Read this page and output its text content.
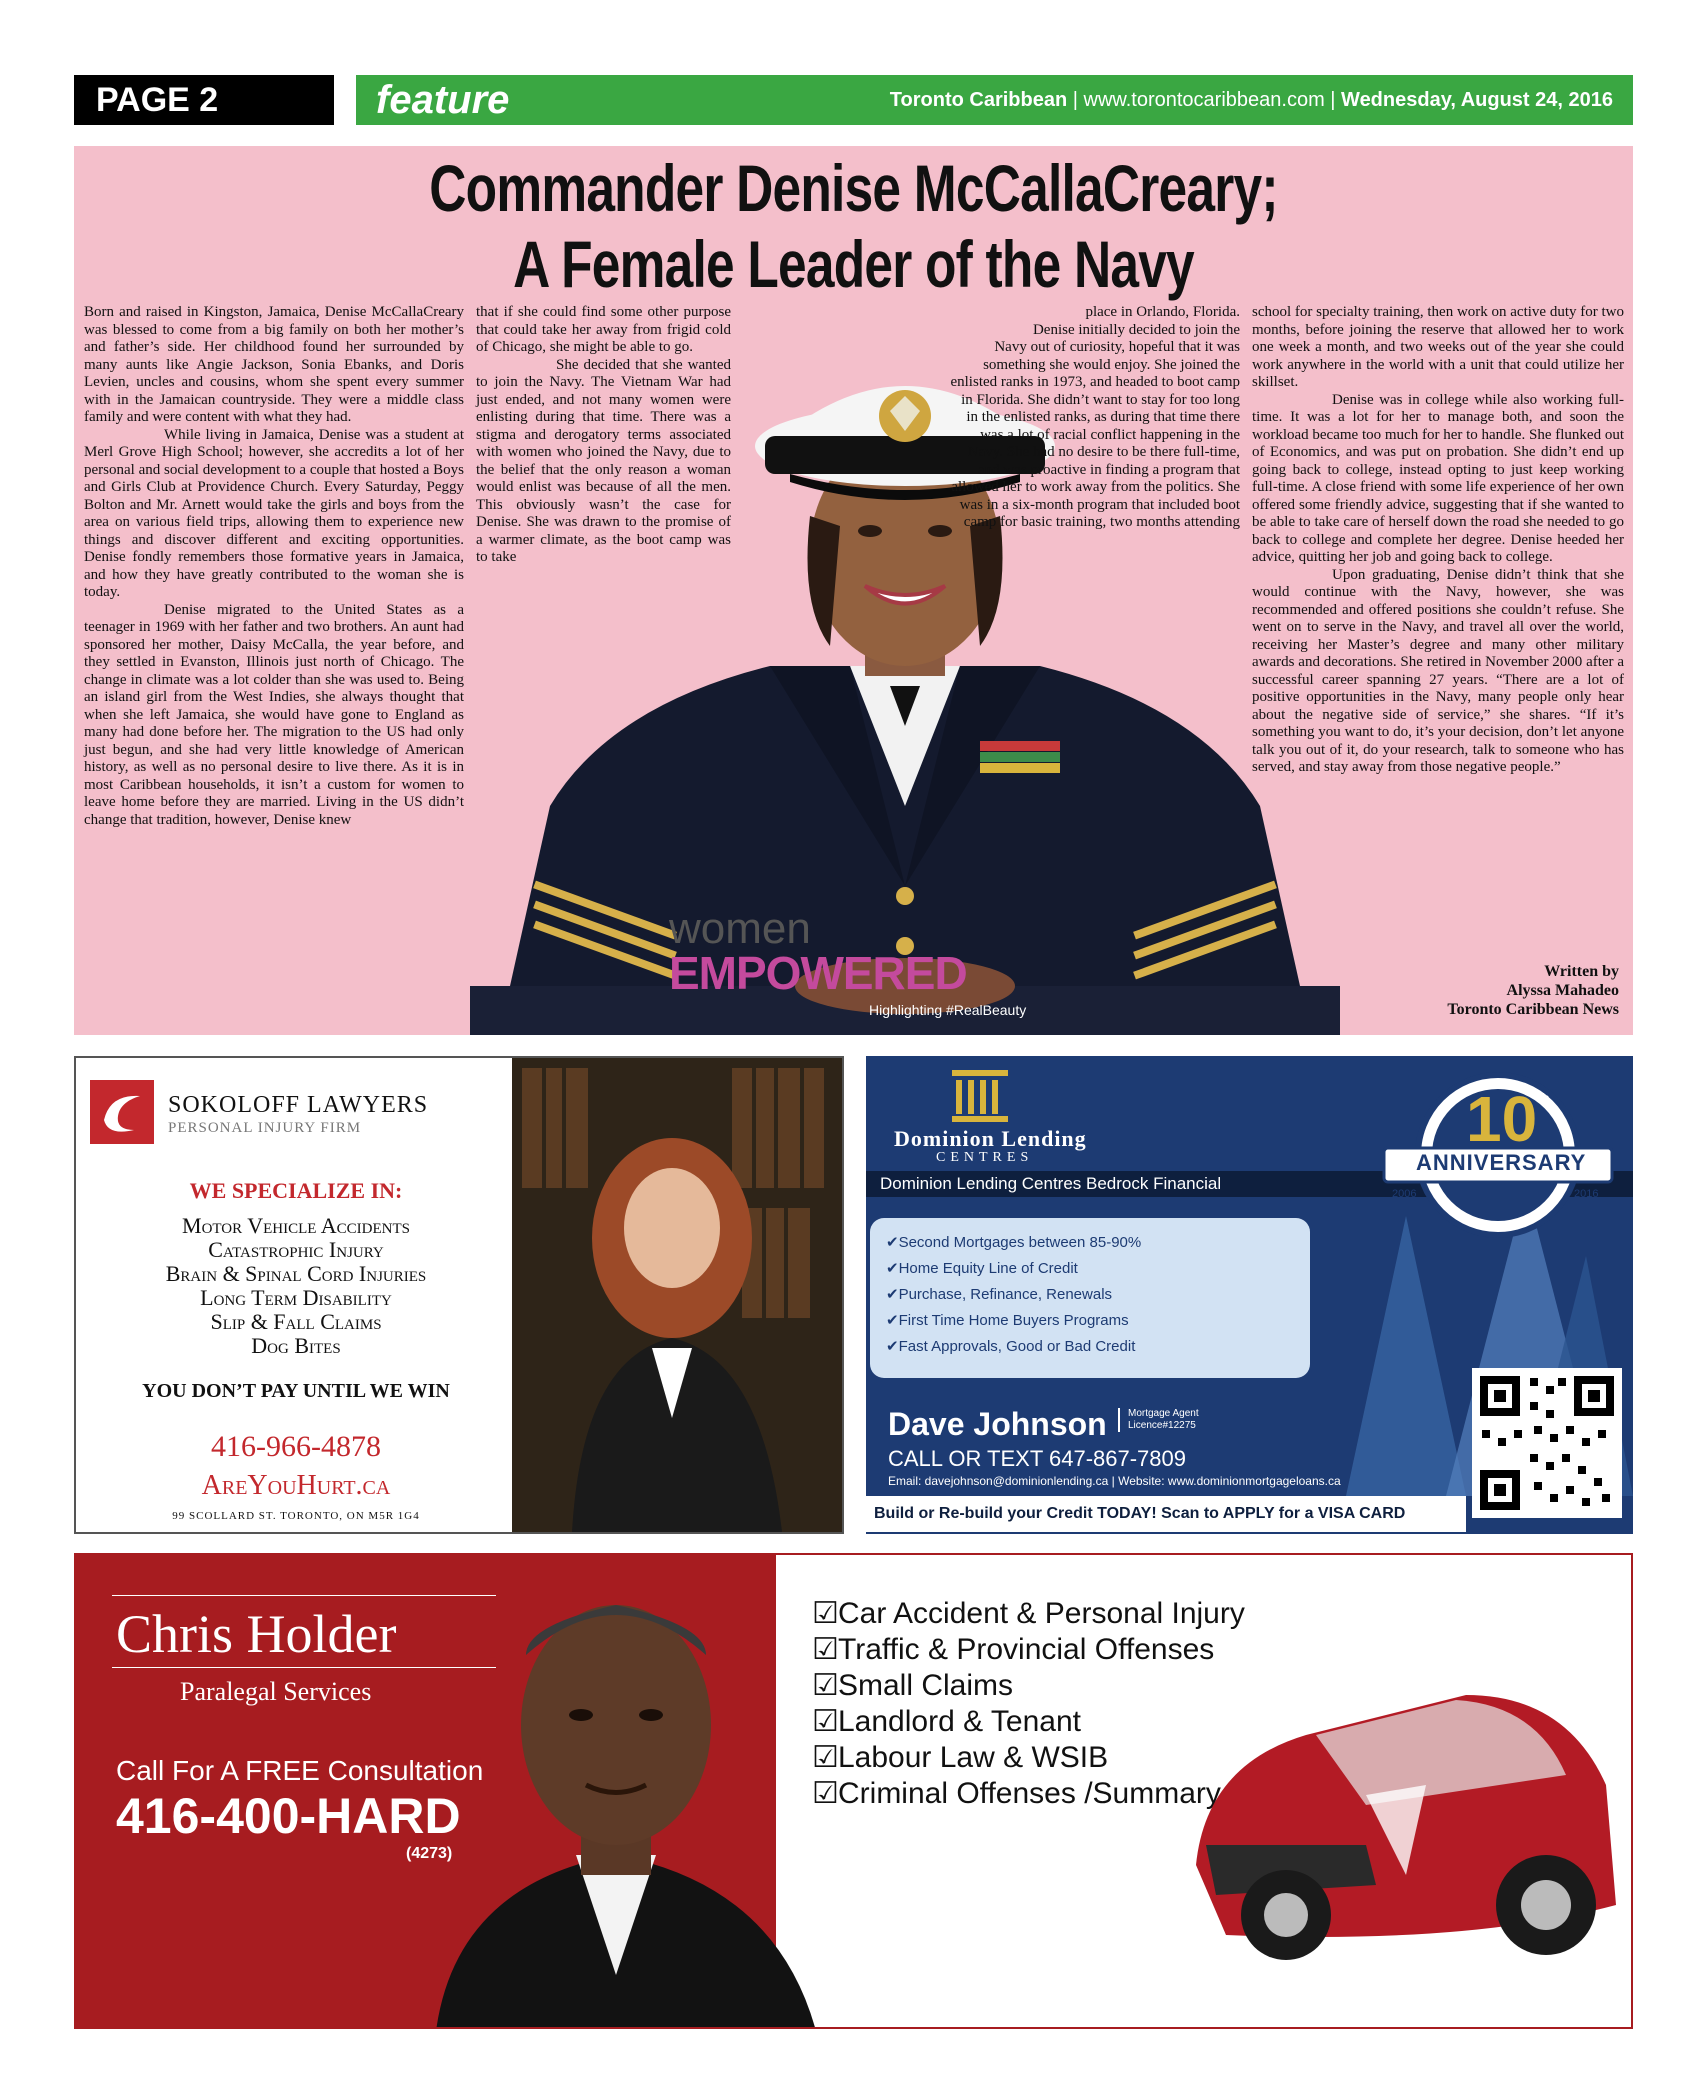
PAGE 2	feature	Toronto Caribbean | www.torontocaribbean.com | Wednesday, August 24, 2016
Commander Denise McCallaCreary;
A Female Leader of the Navy

Born and raised in Kingston, Jamaica, Denise McCallaCreary was blessed to come from a big family on both her mother’s and father’s side. Her childhood found her surrounded by many aunts like Angie Jackson, Sonia Ebanks, and Doris Levien, uncles and cousins, whom she spent every summer with in the Jamaican countryside. They were a middle class family and were content with what they had.

While living in Jamaica, Denise was a student at Merl Grove High School; however, she accredits a lot of her personal and social development to a couple that hosted a Boys and Girls Club at Providence Church. Every Saturday, Peggy Bolton and Mr. Arnett would take the girls and boys from the area on various field trips, allowing them to experience new things and discover different and exciting opportunities. Denise fondly remembers those formative years in Jamaica, and how they have greatly contributed to the woman she is today.

Denise migrated to the United States as a teenager in 1969 with her father and two brothers. An aunt had sponsored her mother, Daisy McCalla, the year before, and they settled in Evanston, Illinois just north of Chicago. The change in climate was a lot colder than she was used to. Being an island girl from the West Indies, she always thought that when she left Jamaica, she would have gone to England as many had done before her. The migration to the US had only just begun, and she had very little knowledge of American history, as well as no personal desire to live there. As it is in most Caribbean households, it isn’t a custom for women to leave home before they are married. Living in the US didn’t change that tradition, however, Denise knew

that if she could find some other purpose that could take her away from frigid cold of Chicago, she might be able to go.

She decided that she wanted to join the Navy. The Vietnam War had just ended, and not many women were enlisting during that time. There was a stigma and derogatory terms associated with women who joined the Navy, due to the belief that the only reason a woman would enlist was because of all the men. This obviously wasn’t the case for Denise. She was drawn to the promise of a warmer climate, as the boot camp was to take

place in Orlando, Florida.

Denise initially decided to join the Navy out of curiosity, hopeful that it was something she would enjoy. She joined the enlisted ranks in 1973, and headed to boot camp in Florida. She didn’t want to stay for too long in the enlisted ranks, as during that time there was a lot of racial conflict happening in the Navy. She had no desire to be there full-time, and was proactive in finding a program that allowed her to work away from the politics. She was in a six-month program that included boot camp for basic training, two months attending

school for specialty training, then work on active duty for two months, before joining the reserve that allowed her to work one week a month, and two weeks out of the year she could work anywhere in the world with a unit that could utilize her skillset.

Denise was in college while also working full-time. It was a lot for her to manage both, and soon the workload became too much for her to handle. She flunked out of Economics, and was put on probation. She didn’t end up going back to college, instead opting to just keep working full-time. A close friend with some life experience of her own offered some friendly advice, suggesting that if she wanted to be able to take care of herself down the road she needed to go back to college and complete her degree. Denise heeded her advice, quitting her job and going back to college.

Upon graduating, Denise didn’t think that she would continue with the Navy, however, she was recommended and offered positions she couldn’t refuse. She went on to serve in the Navy, and travel all over the world, receiving her Master’s degree and many other military awards and decorations. She retired in November 2000 after a successful career spanning 27 years. “There are a lot of positive opportunities in the Navy, many people only hear about the negative side of service,” she shares. “If it’s something you want to do, it’s your decision, don’t let anyone talk you out of it, do your research, talk to someone who has served, and stay away from those negative people.”

women
EMPOWERED
Highlighting #RealBeauty
Written by
Alyssa Mahadeo
Toronto Caribbean News
SOKOLOFF LAWYERS
PERSONAL INJURY FIRM
WE SPECIALIZE IN:
Motor Vehicle Accidents
Catastrophic Injury
Brain & Spinal Cord Injuries
Long Term Disability
Slip & Fall Claims
Dog Bites
YOU DON’T PAY UNTIL WE WIN
416-966-4878
AreYouHurt.ca
99 SCOLLARD ST. TORONTO, ON M5R 1G4
Dominion Lending
CENTRES
Dominion Lending Centres Bedrock Financial
10 th
ANNIVERSARY
2006	2016
✔Second Mortgages between 85-90%
✔Home Equity Line of Credit
✔Purchase, Refinance, Renewals
✔First Time Home Buyers Programs
✔Fast Approvals, Good or Bad Credit
Dave Johnson Mortgage Agent
Licence#12275
CALL OR TEXT 647-867-7809
Email: davejohnson@dominionlending.ca | Website: www.dominionmortgageloans.ca
Build or Re-build your Credit TODAY! Scan to APPLY for a VISA CARD
Chris Holder
Paralegal Services
Call For A FREE Consultation
416-400-HARD
(4273)
☑ Car Accident & Personal Injury
☑ Traffic & Provincial Offenses
☑ Small Claims
☑ Landlord & Tenant
☑ Labour Law & WSIB
☑ Criminal Offenses /Summary
